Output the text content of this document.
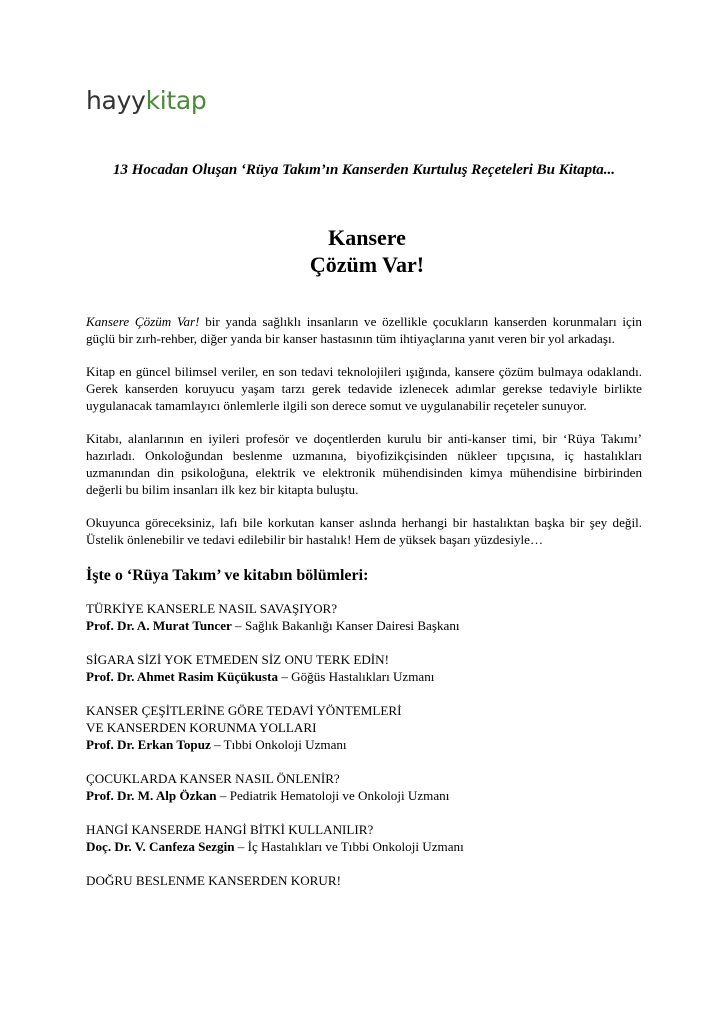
hayykitap
13 Hocadan Oluşan ‘Rüya Takım’ın Kanserden Kurtuluş Reçeteleri Bu Kitapta...
Kansere
Çözüm Var!

Kansere Çözüm Var! bir yanda sağlıklı insanların ve özellikle çocukların kanserden korunmaları için güçlü bir zırh-rehber, diğer yanda bir kanser hastasının tüm ihtiyaçlarına yanıt veren bir yol arkadaşı.

Kitap en güncel bilimsel veriler, en son tedavi teknolojileri ışığında, kansere çözüm bulmaya odaklandı. Gerek kanserden koruyucu yaşam tarzı gerek tedavide izlenecek adımlar gerekse tedaviyle birlikte uygulanacak tamamlayıcı önlemlerle ilgili son derece somut ve uygulanabilir reçeteler sunuyor.

Kitabı, alanlarının en iyileri profesör ve doçentlerden kurulu bir anti-kanser timi, bir ‘Rüya Takımı’ hazırladı. Onkoloğundan beslenme uzmanına, biyofizikçisinden nükleer tıpçısına, iç hastalıkları uzmanından din psikoloğuna, elektrik ve elektronik mühendisinden kimya mühendisine birbirinden değerli bu bilim insanları ilk kez bir kitapta buluştu.

Okuyunca göreceksiniz, lafı bile korkutan kanser aslında herhangi bir hastalıktan başka bir şey değil. Üstelik önlenebilir ve tedavi edilebilir bir hastalık! Hem de yüksek başarı yüzdesiyle…

İşte o ‘Rüya Takım’ ve kitabın bölümleri:
TÜRKİYE KANSERLE NASIL SAVAŞIYOR?
Prof. Dr. A. Murat Tuncer – Sağlık Bakanlığı Kanser Dairesi Başkanı
SİGARA SİZİ YOK ETMEDEN SİZ ONU TERK EDİN!
Prof. Dr. Ahmet Rasim Küçükusta – Göğüs Hastalıkları Uzmanı
KANSER ÇEŞİTLERİNE GÖRE TEDAVİ YÖNTEMLERİ
VE KANSERDEN KORUNMA YOLLARI
Prof. Dr. Erkan Topuz – Tıbbi Onkoloji Uzmanı
ÇOCUKLARDA KANSER NASIL ÖNLENİR?
Prof. Dr. M. Alp Özkan – Pediatrik Hematoloji ve Onkoloji Uzmanı
HANGİ KANSERDE HANGİ BİTKİ KULLANILIR?
Doç. Dr. V. Canfeza Sezgin – İç Hastalıkları ve Tıbbi Onkoloji Uzmanı
DOĞRU BESLENME KANSERDEN KORUR!
